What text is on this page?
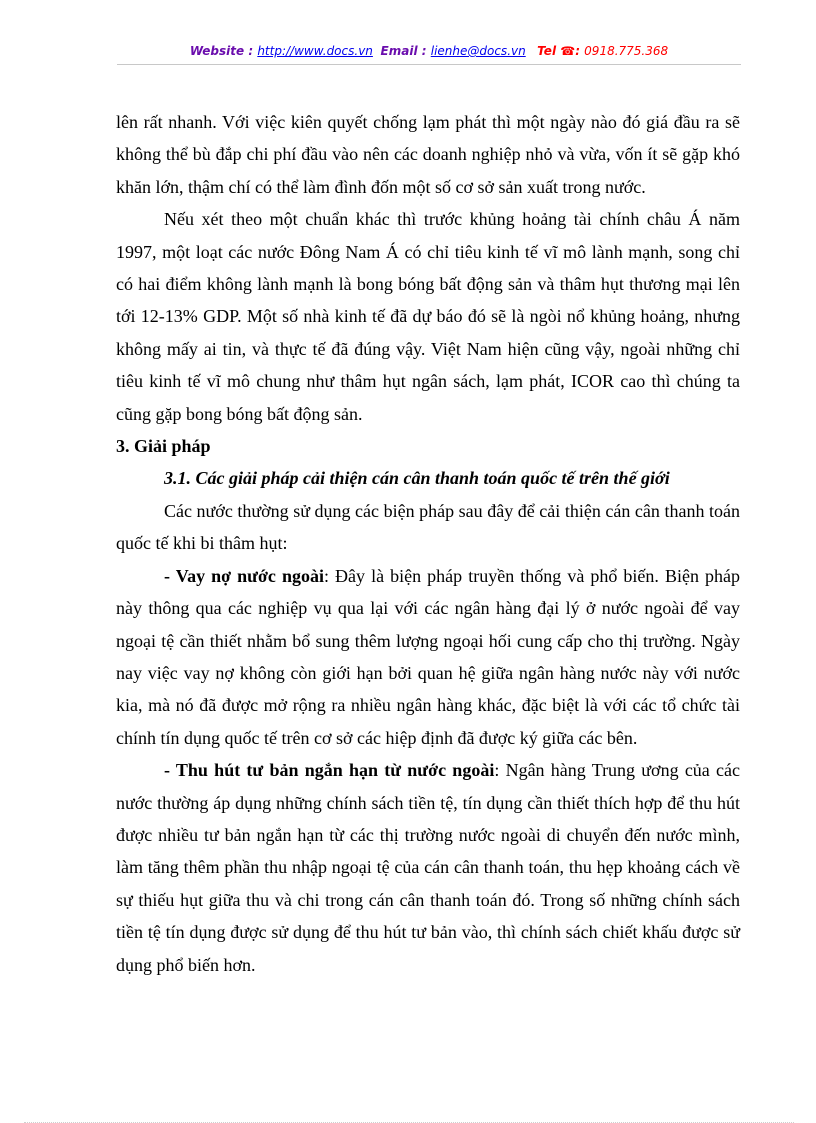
Website : http://www.docs.vn Email : lienhe@docs.vn Tel ☎: 0918.775.368

lên rất nhanh. Với việc kiên quyết chống lạm phát thì một ngày nào đó giá đầu ra sẽ không thể bù đắp chi phí đầu vào nên các doanh nghiệp nhỏ và vừa, vốn ít sẽ gặp khó khăn lớn, thậm chí có thể làm đình đốn một số cơ sở sản xuất trong nước.

Nếu xét theo một chuẩn khác thì trước khủng hoảng tài chính châu Á năm 1997, một loạt các nước Đông Nam Á có chỉ tiêu kinh tế vĩ mô lành mạnh, song chỉ có hai điểm không lành mạnh là bong bóng bất động sản và thâm hụt thương mại lên tới 12-13% GDP. Một số nhà kinh tế đã dự báo đó sẽ là ngòi nổ khủng hoảng, nhưng không mấy ai tin, và thực tế đã đúng vậy. Việt Nam hiện cũng vậy, ngoài những chỉ tiêu kinh tế vĩ mô chung như thâm hụt ngân sách, lạm phát, ICOR cao thì chúng ta cũng gặp bong bóng bất động sản.

3. Giải pháp

3.1. Các giải pháp cải thiện cán cân thanh toán quốc tế trên thế giới

Các nước thường sử dụng các biện pháp sau đây để cải thiện cán cân thanh toán quốc tế khi bi thâm hụt:

- Vay nợ nước ngoài: Đây là biện pháp truyền thống và phổ biến. Biện pháp này thông qua các nghiệp vụ qua lại với các ngân hàng đại lý ở nước ngoài để vay ngoại tệ cần thiết nhằm bổ sung thêm lượng ngoại hối cung cấp cho thị trường. Ngày nay việc vay nợ không còn giới hạn bởi quan hệ giữa ngân hàng nước này với nước kia, mà nó đã được mở rộng ra nhiều ngân hàng khác, đặc biệt là với các tổ chức tài chính tín dụng quốc tế trên cơ sở các hiệp định đã được ký giữa các bên.

- Thu hút tư bản ngắn hạn từ nước ngoài: Ngân hàng Trung ương của các nước thường áp dụng những chính sách tiền tệ, tín dụng cần thiết thích hợp để thu hút được nhiều tư bản ngắn hạn từ các thị trường nước ngoài di chuyển đến nước mình, làm tăng thêm phần thu nhập ngoại tệ của cán cân thanh toán, thu hẹp khoảng cách về sự thiếu hụt giữa thu và chi trong cán cân thanh toán đó. Trong số những chính sách tiền tệ tín dụng được sử dụng để thu hút tư bản vào, thì chính sách chiết khấu được sử dụng phổ biến hơn.
